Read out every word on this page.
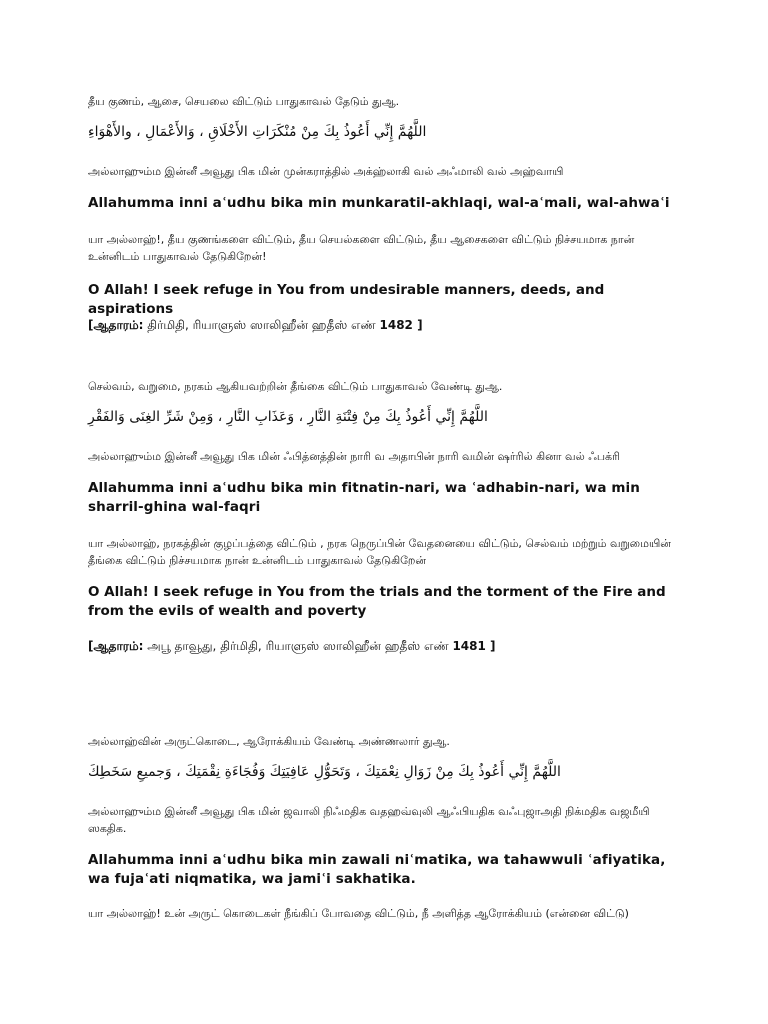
தீய குணம், ஆசை, செயலை விட்டும் பாதுகாவல் தேடும் துஆ.
اللَّهُمَّ إِنِّي أَعُوذُ بِكَ مِنْ مُنْكَرَاتِ الأَخْلَاقِ ، وَالأَعْمَالِ ، والأَهْوَاءِ
அல்லாஹும்ம இன்னீ அவூது பிக மின் முன்கராத்தில் அக்ஹ்லாகி வல் அஃமாலி வல் அஹ்வாயி
Allahumma inni aʿudhu bika min munkaratil-akhlaqi, wal-aʿmali, wal-ahwaʿi
யா அல்லாஹ்!, தீய குணங்களை விட்டும், தீய செயல்களை விட்டும், தீய ஆசைகளை விட்டும் நிச்சயமாக நான் உன்னிடம் பாதுகாவல் தேடுகிறேன்!
O Allah! I seek refuge in You from undesirable manners, deeds, and aspirations
[ஆதாரம்: திர்மிதி, ரியாளுஸ் ஸாலிஹீன் ஹதீஸ் எண் 1482 ]
செல்வம், வறுமை, நரகம் ஆகியவற்றின் தீங்கை விட்டும் பாதுகாவல் வேண்டி துஆ.
اللَّهُمَّ إِنِّي أَعُوذُ بِكَ مِنْ فِتْنَةِ النَّارِ ، وَعَذَابِ النَّارِ ، وَمِنْ شَرِّ الغِنَى وَالفَقْرِ
அல்லாஹும்ம இன்னீ அவூது பிக மின் ஃபித்னத்தின் நாரி வ அதாபின் நாரி வமின் ஷர்ரில் கினா வல் ஃபக்ரி
Allahumma inni aʿudhu bika min fitnatin-nari, wa ʿadhabin-nari, wa min sharril-ghina wal-faqri
யா அல்லாஹ், நரகத்தின் குழப்பத்தை விட்டும் , நரக நெருப்பின் வேதனையை விட்டும், செல்வம் மற்றும் வறுமையின் தீங்கை விட்டும் நிச்சயமாக நான் உன்னிடம் பாதுகாவல் தேடுகிறேன்
O Allah! I seek refuge in You from the trials and the torment of the Fire and from the evils of wealth and poverty
[ஆதாரம்: அபூ தாவூது, திர்மிதி, ரியாளுஸ் ஸாலிஹீன் ஹதீஸ் எண் 1481 ]
அல்லாஹ்வின் அருட்கொடை, ஆரோக்கியம் வேண்டி அண்ணலார் துஆ.
اللَّهُمَّ إِنِّي أَعُوذُ بِكَ مِنْ زَوَالِ نِعْمَتِكَ ، وَتَحَوُّلِ عَافِيَتِكَ وَفُجَاءَةِ نِقْمَتِكَ ، وَجميعِ سَخَطِكَ
அல்லாஹும்ம இன்னீ அவூது பிக மின் ஜவாலி நிஃமதிக வதஹவ்வுலி ஆஃபியதிக வஃபுஜாஅதி நிக்மதிக வஜமீயி ஸகதிக.
Allahumma inni aʿudhu bika min zawali niʿmatika, wa tahawwuli ʿafiyatika, wa fujaʿati niqmatika, wa jamiʿi sakhatika.
யா அல்லாஹ்! உன் அருட் கொடைகள் நீங்கிப் போவதை விட்டும், நீ அளித்த ஆரோக்கியம் (என்னை விட்டு)
